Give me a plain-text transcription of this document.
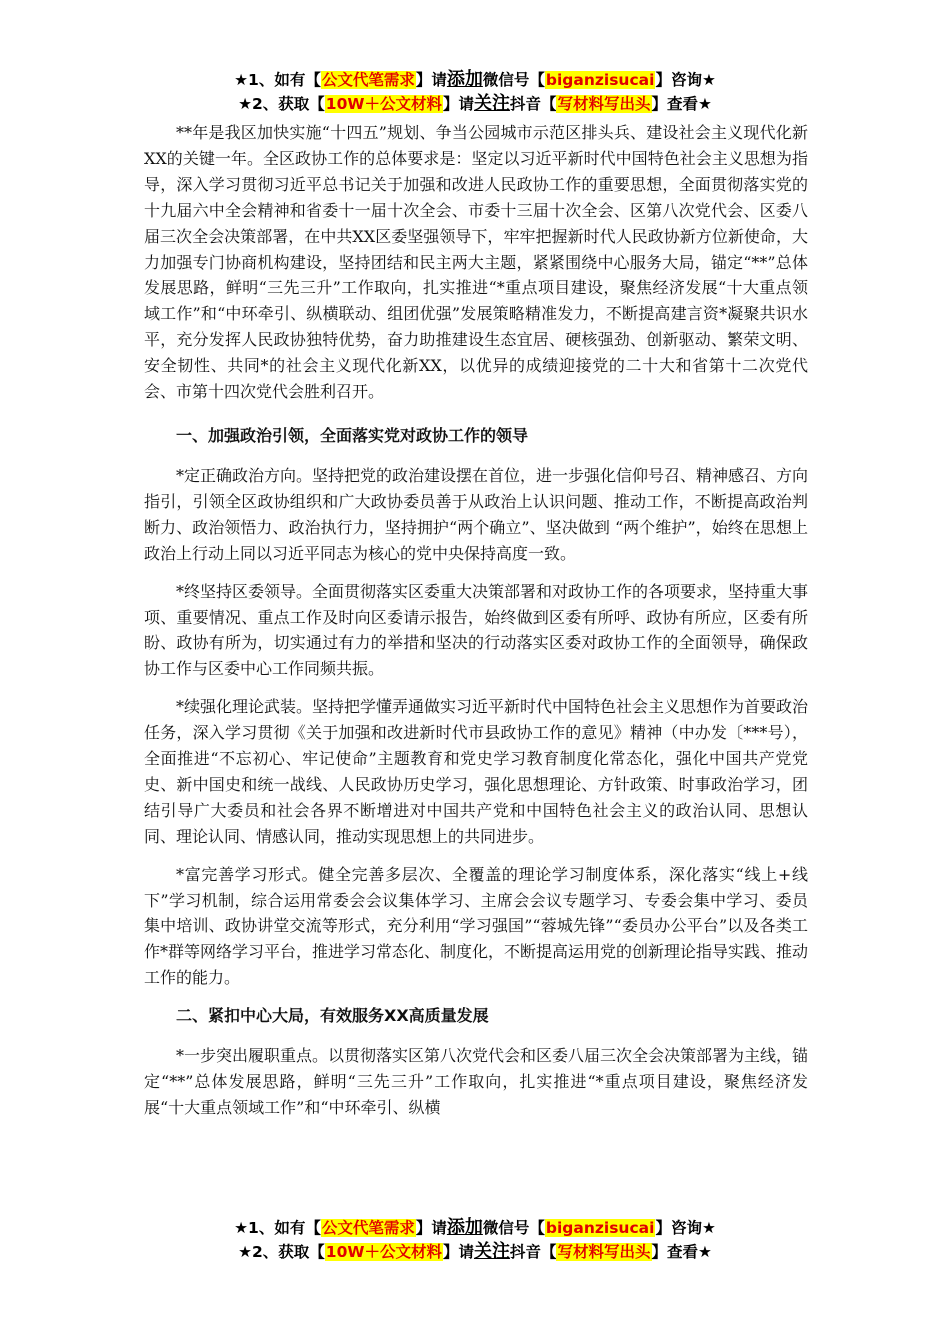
★1、如有【公文代笔需求】请添加微信号【biganzisucai】咨询★
★2、获取【10W＋公文材料】请关注抖音【写材料写出头】查看★

**年是我区加快实施“十四五”规划、争当公园城市示范区排头兵、建设社会主义现代化新XX的关键一年。全区政协工作的总体要求是：坚定以习近平新时代中国特色社会主义思想为指导，深入学习贯彻习近平总书记关于加强和改进人民政协工作的重要思想，全面贯彻落实党的十九届六中全会精神和省委十一届十次全会、市委十三届十次全会、区第八次党代会、区委八届三次全会决策部署，在中共XX区委坚强领导下，牢牢把握新时代人民政协新方位新使命，大力加强专门协商机构建设，坚持团结和民主两大主题，紧紧围绕中心服务大局，锚定“**”总体发展思路，鲜明“三先三升”工作取向，扎实推进“*重点项目建设，聚焦经济发展“十大重点领域工作”和“中环牵引、纵横联动、组团优强”发展策略精准发力，不断提高建言资*凝聚共识水平，充分发挥人民政协独特优势，奋力助推建设生态宜居、硬核强劲、创新驱动、繁荣文明、安全韧性、共同*的社会主义现代化新XX，以优异的成绩迎接党的二十大和省第十二次党代会、市第十四次党代会胜利召开。

一、加强政治引领，全面落实党对政协工作的领导

*定正确政治方向。坚持把党的政治建设摆在首位，进一步强化信仰号召、精神感召、方向指引，引领全区政协组织和广大政协委员善于从政治上认识问题、推动工作，不断提高政治判断力、政治领悟力、政治执行力，坚持拥护“两个确立”、坚决做到 “两个维护”，始终在思想上政治上行动上同以习近平同志为核心的党中央保持高度一致。

*终坚持区委领导。全面贯彻落实区委重大决策部署和对政协工作的各项要求，坚持重大事项、重要情况、重点工作及时向区委请示报告，始终做到区委有所呼、政协有所应，区委有所盼、政协有所为，切实通过有力的举措和坚决的行动落实区委对政协工作的全面领导，确保政协工作与区委中心工作同频共振。

*续强化理论武装。坚持把学懂弄通做实习近平新时代中国特色社会主义思想作为首要政治任务，深入学习贯彻《关于加强和改进新时代市县政协工作的意见》精神（中办发〔***号），全面推进“不忘初心、牢记使命”主题教育和党史学习教育制度化常态化，强化中国共产党党史、新中国史和统一战线、人民政协历史学习，强化思想理论、方针政策、时事政治学习，团结引导广大委员和社会各界不断增进对中国共产党和中国特色社会主义的政治认同、思想认同、理论认同、情感认同，推动实现思想上的共同进步。

*富完善学习形式。健全完善多层次、全覆盖的理论学习制度体系，深化落实“线上+线下”学习机制，综合运用常委会会议集体学习、主席会会议专题学习、专委会集中学习、委员集中培训、政协讲堂交流等形式，充分利用“学习强国”“蓉城先锋”“委员办公平台”以及各类工作*群等网络学习平台，推进学习常态化、制度化，不断提高运用党的创新理论指导实践、推动工作的能力。

二、紧扣中心大局，有效服务XX高质量发展

*一步突出履职重点。以贯彻落实区第八次党代会和区委八届三次全会决策部署为主线，锚定“**”总体发展思路，鲜明“三先三升”工作取向，扎实推进“*重点项目建设，聚焦经济发展“十大重点领域工作”和“中环牵引、纵横

★1、如有【公文代笔需求】请添加微信号【biganzisucai】咨询★
★2、获取【10W＋公文材料】请关注抖音【写材料写出头】查看★
